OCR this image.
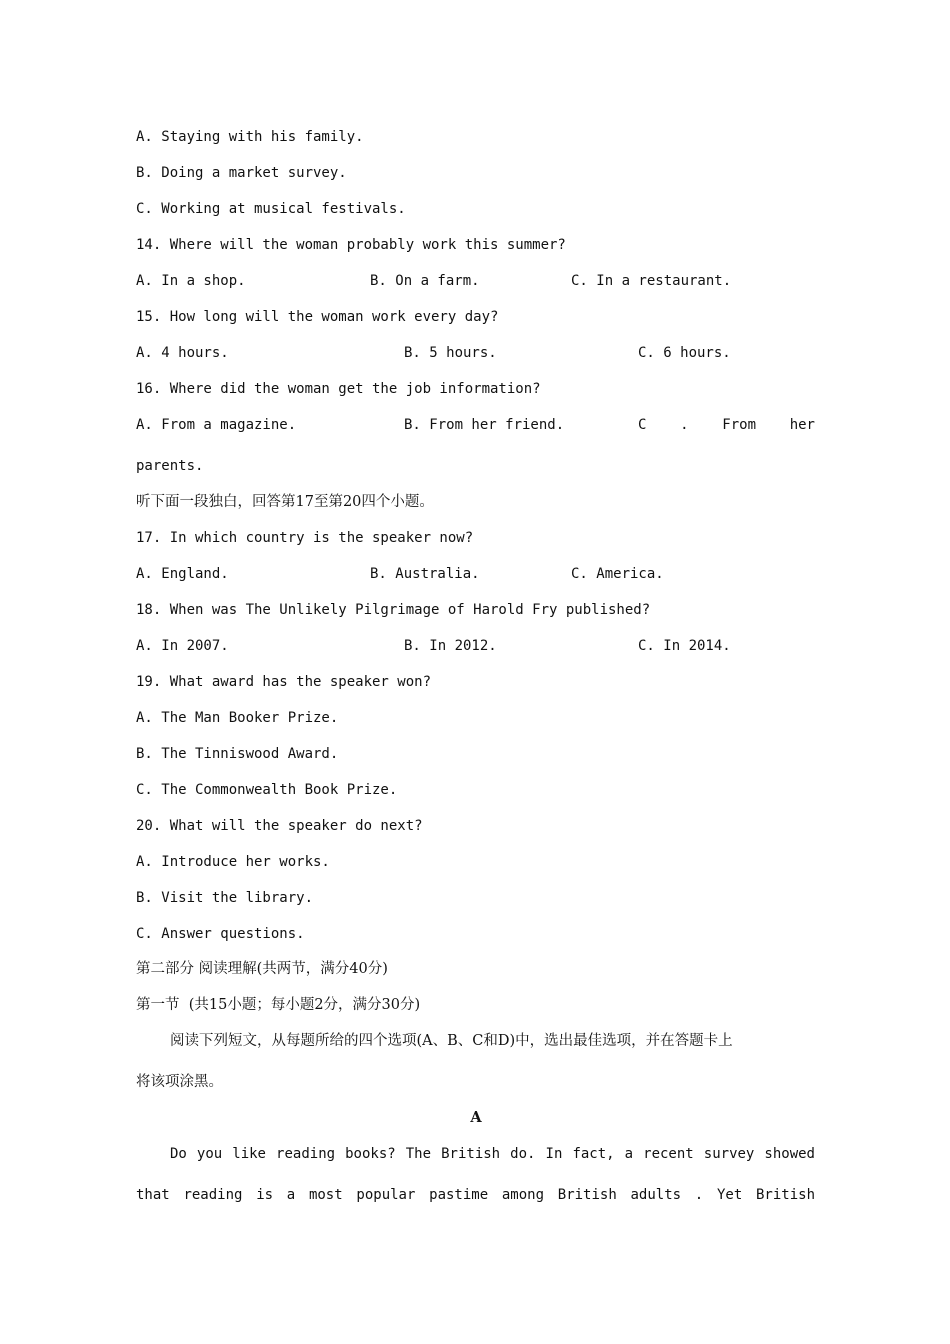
A. Staying with his family.
B. Doing a market survey.
C. Working at musical festivals.
14. Where will the woman probably work this summer?
A. In a shop.	B. On a farm.	C. In a restaurant.
15. How long will the woman work every day?
A. 4 hours.	B. 5 hours.	C. 6 hours.
16. Where did the woman get the job information?
A. From a magazine.	B. From her friend.	C . From her
parents.
听下面一段独白，回答第17至第20四个小题。
17. In which country is the speaker now?
A. England.	B. Australia.	C. America.
18. When was The Unlikely Pilgrimage of Harold Fry published?
A. In 2007.	B. In 2012.	C. In 2014.
19. What award has the speaker won?
A. The Man Booker Prize.
B. The Tinniswood Award.
C. The Commonwealth Book Prize.
20. What will the speaker do next?
A. Introduce her works.
B. Visit the library.
C. Answer questions.
第二部分 阅读理解(共两节，满分40分)
第一节  (共15小题；每小题2分，满分30分)
阅读下列短文，从每题所给的四个选项(A、B、C和D)中，选出最佳选项，并在答题卡上
将该项涂黑。
A
Do you like reading books? The British do. In fact, a recent survey showed
that reading is a most popular pastime among British adults . Yet British
